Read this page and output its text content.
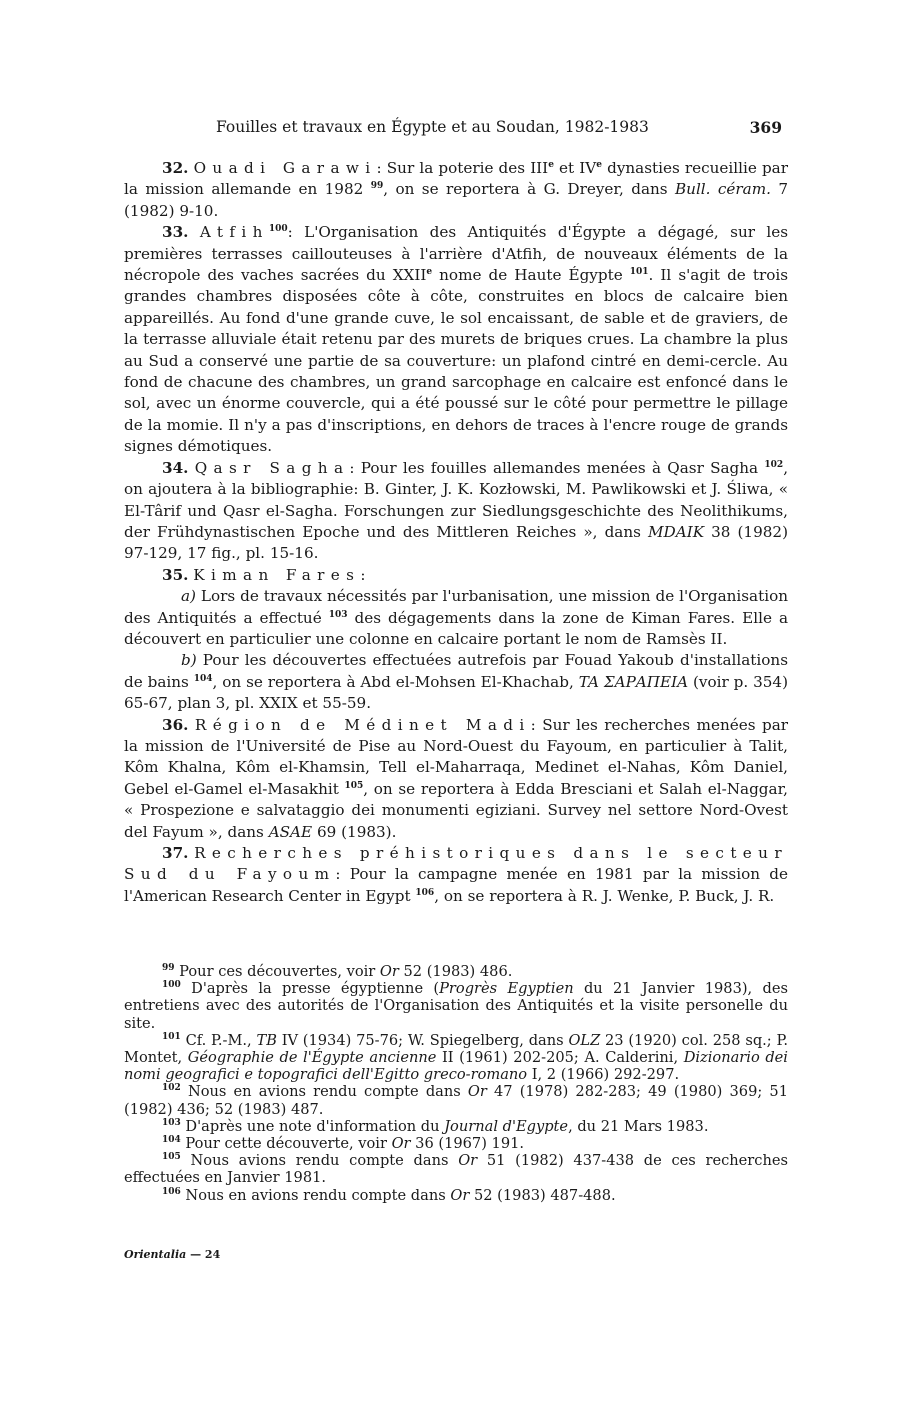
Fouilles et travaux en Égypte et au Soudan, 1982-1983	369

32. Ouadi Garawi: Sur la poterie des IIIe et IVe dynasties recueillie par la mission allemande en 1982 $^{99}$, on se reportera à G. Dreyer, dans Bull. céram. 7 (1982) 9-10.

33. Atfih$^{100}$: L'Organisation des Antiquités d'Égypte a dégagé, sur les premières terrasses caillouteuses à l'arrière d'Atfih, de nouveaux éléments de la nécropole des vaches sacrées du XXIIe nome de Haute Égypte $^{101}$. Il s'agit de trois grandes chambres disposées côte à côte, construites en blocs de calcaire bien appareillés. Au fond d'une grande cuve, le sol encaissant, de sable et de graviers, de la terrasse alluviale était retenu par des murets de briques crues. La chambre la plus au Sud a conservé une partie de sa couverture: un plafond cintré en demi-cercle. Au fond de chacune des chambres, un grand sarcophage en calcaire est enfoncé dans le sol, avec un énorme couvercle, qui a été poussé sur le côté pour permettre le pillage de la momie. Il n'y a pas d'inscriptions, en dehors de traces à l'encre rouge de grands signes démotiques.

34. Qasr Sagha: Pour les fouilles allemandes menées à Qasr Sagha $^{102}$, on ajoutera à la bibliographie: B. Ginter, J. K. Kozłowski, M. Pawlikowski et J. Śliwa, « El-Târif und Qasr el-Sagha. Forschungen zur Siedlungsgeschichte des Neolithikums, der Frühdynastischen Epoche und des Mittleren Reiches », dans MDAIK 38 (1982) 97-129, 17 fig., pl. 15-16.

35. Kiman Fares:

a) Lors de travaux nécessités par l'urbanisation, une mission de l'Organisation des Antiquités a effectué $^{103}$ des dégagements dans la zone de Kiman Fares. Elle a découvert en particulier une colonne en calcaire portant le nom de Ramsès II.

b) Pour les découvertes effectuées autrefois par Fouad Yakoub d'installations de bains $^{104}$, on se reportera à Abd el-Mohsen El-Khachab, TA ΣΑΡΑΠΕΙΑ (voir p. 354) 65-67, plan 3, pl. XXIX et 55-59.

36. Région de Médinet Madi: Sur les recherches menées par la mission de l'Université de Pise au Nord-Ouest du Fayoum, en particulier à Talit, Kôm Khalna, Kôm el-Khamsin, Tell el-Maharraqa, Medinet el-Nahas, Kôm Daniel, Gebel el-Gamel el-Masakhit $^{105}$, on se reportera à Edda Bresciani et Salah el-Naggar, « Prospezione e salvataggio dei monumenti egiziani. Survey nel settore Nord-Ovest del Fayum », dans ASAE 69 (1983).

37. Recherches préhistoriques dans le secteur Sud du Fayoum: Pour la campagne menée en 1981 par la mission de l'American Research Center in Egypt $^{106}$, on se reportera à R. J. Wenke, P. Buck, J. R.

$^{99}$ Pour ces découvertes, voir Or 52 (1983) 486.

$^{100}$ D'après la presse égyptienne (Progrès Egyptien du 21 Janvier 1983), des entretiens avec des autorités de l'Organisation des Antiquités et la visite personelle du site.

$^{101}$ Cf. P.-M., TB IV (1934) 75-76; W. Spiegelberg, dans OLZ 23 (1920) col. 258 sq.; P. Montet, Géographie de l'Égypte ancienne II (1961) 202-205; A. Calderini, Dizionario dei nomi geografici e topografici dell'Egitto greco-romano I, 2 (1966) 292-297.

$^{102}$ Nous en avions rendu compte dans Or 47 (1978) 282-283; 49 (1980) 369; 51 (1982) 436; 52 (1983) 487.

$^{103}$ D'après une note d'information du Journal d'Egypte, du 21 Mars 1983.

$^{104}$ Pour cette découverte, voir Or 36 (1967) 191.

$^{105}$ Nous avions rendu compte dans Or 51 (1982) 437-438 de ces recherches effectuées en Janvier 1981.

$^{106}$ Nous en avions rendu compte dans Or 52 (1983) 487-488.

Orientalia — 24
